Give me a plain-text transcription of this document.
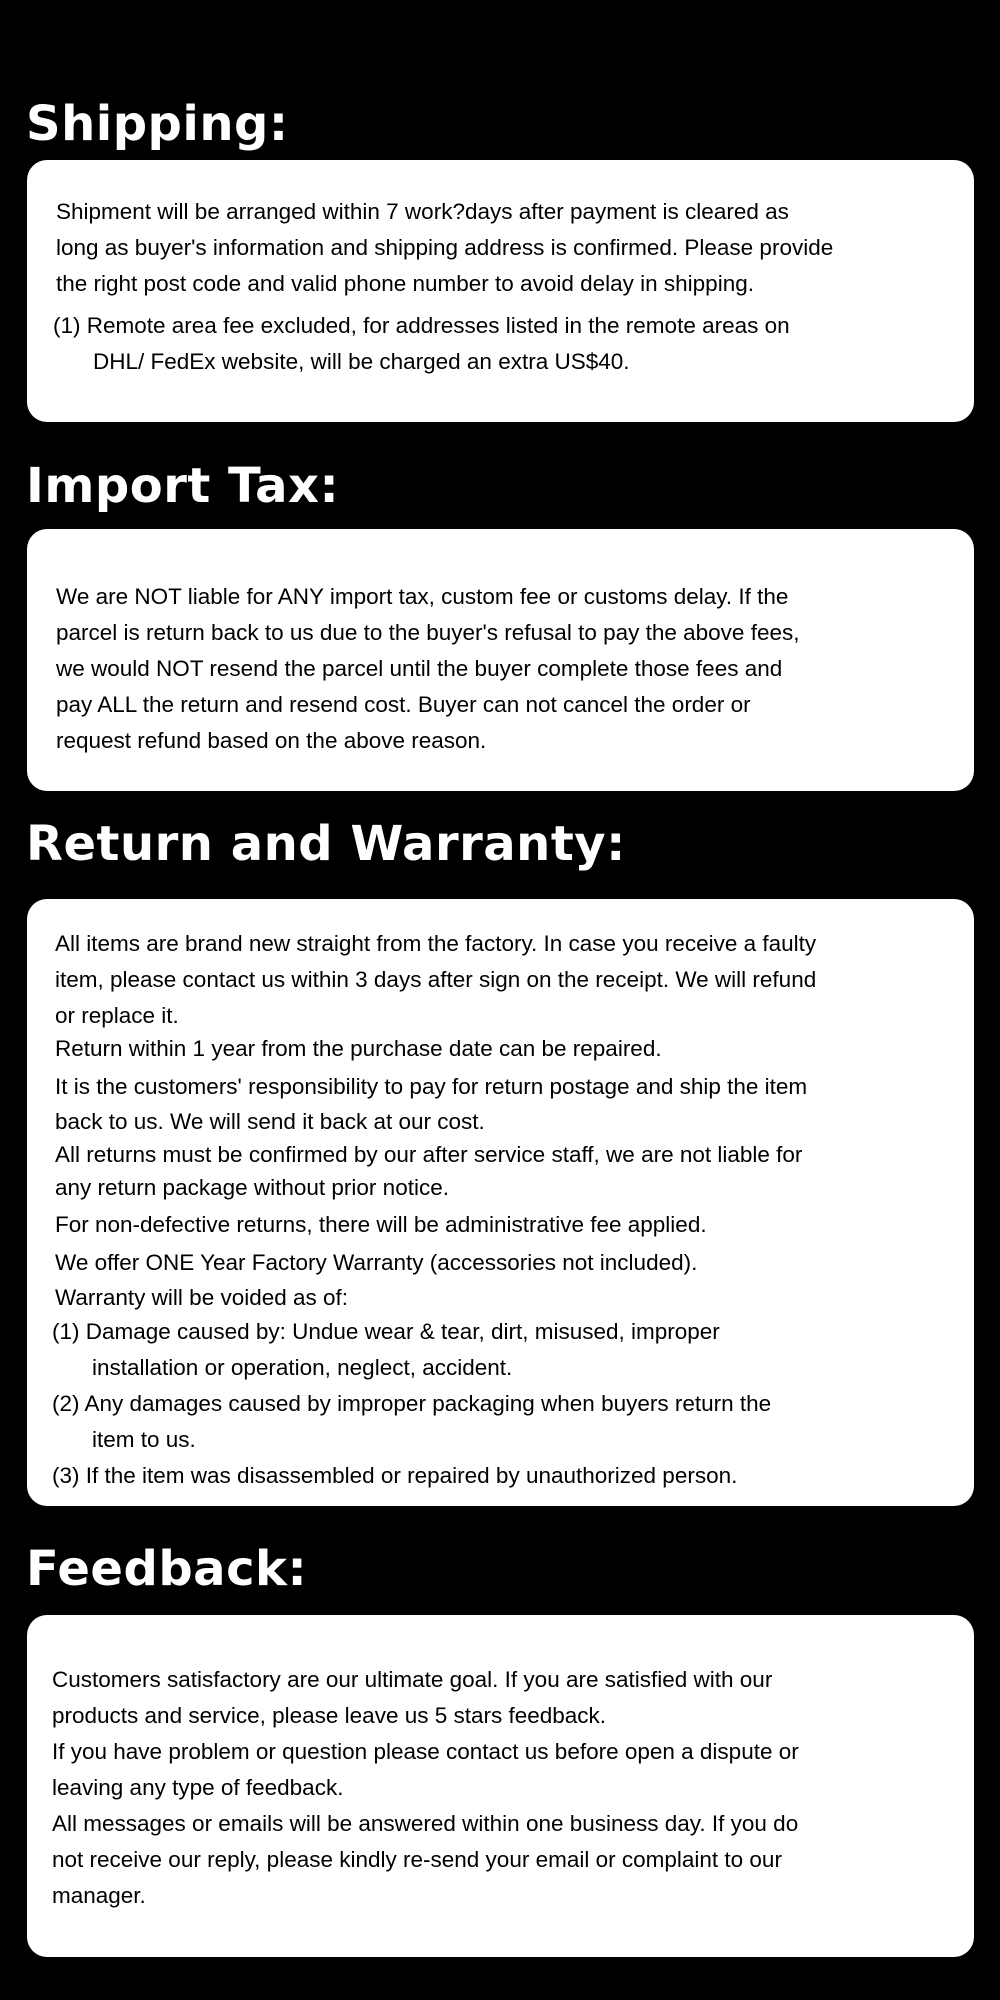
Shipping:

Shipment will be arranged within 7 work?days after payment is cleared as

long as buyer's information and shipping address is confirmed. Please provide

the right post code and valid phone number to avoid delay in shipping.

(1) Remote area fee excluded, for addresses listed in the remote areas on

DHL/ FedEx website, will be charged an extra US$40.

Import Tax:

We are NOT liable for ANY import tax, custom fee or customs delay. If the

parcel is return back to us due to the buyer's refusal to pay the above fees,

we would NOT resend the parcel until the buyer complete those fees and

pay ALL the return and resend cost. Buyer can not cancel the order or

request refund based on the above reason.

Return and Warranty:

All items are brand new straight from the factory. In case you receive a faulty

item, please contact us within 3 days after sign on the receipt. We will refund

or replace it.

Return within 1 year from the purchase date can be repaired.

It is the customers' responsibility to pay for return postage and ship the item

back to us. We will send it back at our cost.

All returns must be confirmed by our after service staff, we are not liable for

any return package without prior notice.

For non-defective returns, there will be administrative fee applied.

We offer ONE Year Factory Warranty (accessories not included).

Warranty will be voided as of:

(1) Damage caused by: Undue wear & tear, dirt, misused, improper

installation or operation, neglect, accident.

(2) Any damages caused by improper packaging when buyers return the

item to us.

(3) If the item was disassembled or repaired by unauthorized person.

Feedback:

Customers satisfactory are our ultimate goal. If you are satisfied with our

products and service, please leave us 5 stars feedback.

If you have problem or question please contact us before open a dispute or

leaving any type of feedback.

All messages or emails will be answered within one business day. If you do

not receive our reply, please kindly re-send your email or complaint to our

manager.
